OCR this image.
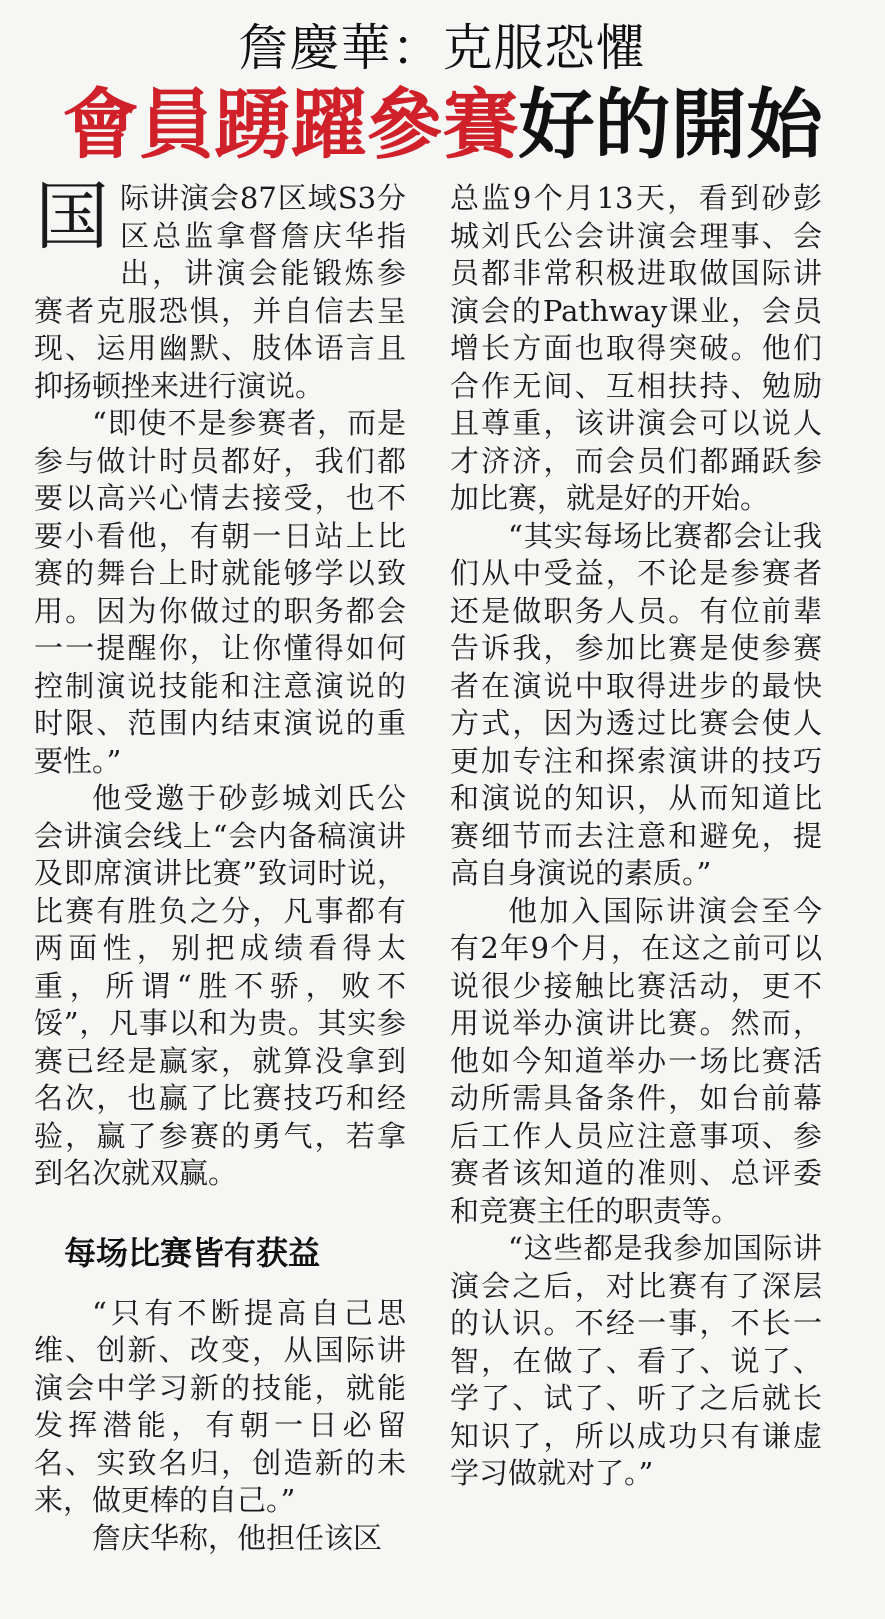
詹慶華：克服恐懼
會員踴躍參賽好的開始

国际讲演会87区域S3分区总监拿督詹庆华指出，讲演会能锻炼参赛者克服恐惧，并自信去呈现、运用幽默、肢体语言且抑扬顿挫来进行演说。

“即使不是参赛者，而是参与做计时员都好，我们都要以高兴心情去接受，也不要小看他，有朝一日站上比赛的舞台上时就能够学以致用。因为你做过的职务都会一一提醒你，让你懂得如何控制演说技能和注意演说的时限、范围内结束演说的重要性。”

他受邀于砂彭城刘氏公会讲演会线上“会内备稿演讲及即席演讲比赛”致词时说，比赛有胜负之分，凡事都有两面性，别把成绩看得太重，所谓“胜不骄，败不馁”，凡事以和为贵。其实参赛已经是赢家，就算没拿到名次，也赢了比赛技巧和经验，赢了参赛的勇气，若拿到名次就双赢。

每场比赛皆有获益

“只有不断提高自己思维、创新、改变，从国际讲演会中学习新的技能，就能发挥潜能，有朝一日必留名、实致名归，创造新的未来，做更棒的自己。”

詹庆华称，他担任该区

总监9个月13天，看到砂彭城刘氏公会讲演会理事、会员都非常积极进取做国际讲演会的Pathway课业，会员增长方面也取得突破。他们合作无间、互相扶持、勉励且尊重，该讲演会可以说人才济济，而会员们都踊跃参加比赛，就是好的开始。

“其实每场比赛都会让我们从中受益，不论是参赛者还是做职务人员。有位前辈告诉我，参加比赛是使参赛者在演说中取得进步的最快方式，因为透过比赛会使人更加专注和探索演讲的技巧和演说的知识，从而知道比赛细节而去注意和避免，提高自身演说的素质。”

他加入国际讲演会至今有2年9个月，在这之前可以说很少接触比赛活动，更不用说举办演讲比赛。然而，他如今知道举办一场比赛活动所需具备条件，如台前幕后工作人员应注意事项、参赛者该知道的准则、总评委和竞赛主任的职责等。

“这些都是我参加国际讲演会之后，对比赛有了深层的认识。不经一事，不长一智，在做了、看了、说了、学了、试了、听了之后就长知识了，所以成功只有谦虚学习做就对了。”
